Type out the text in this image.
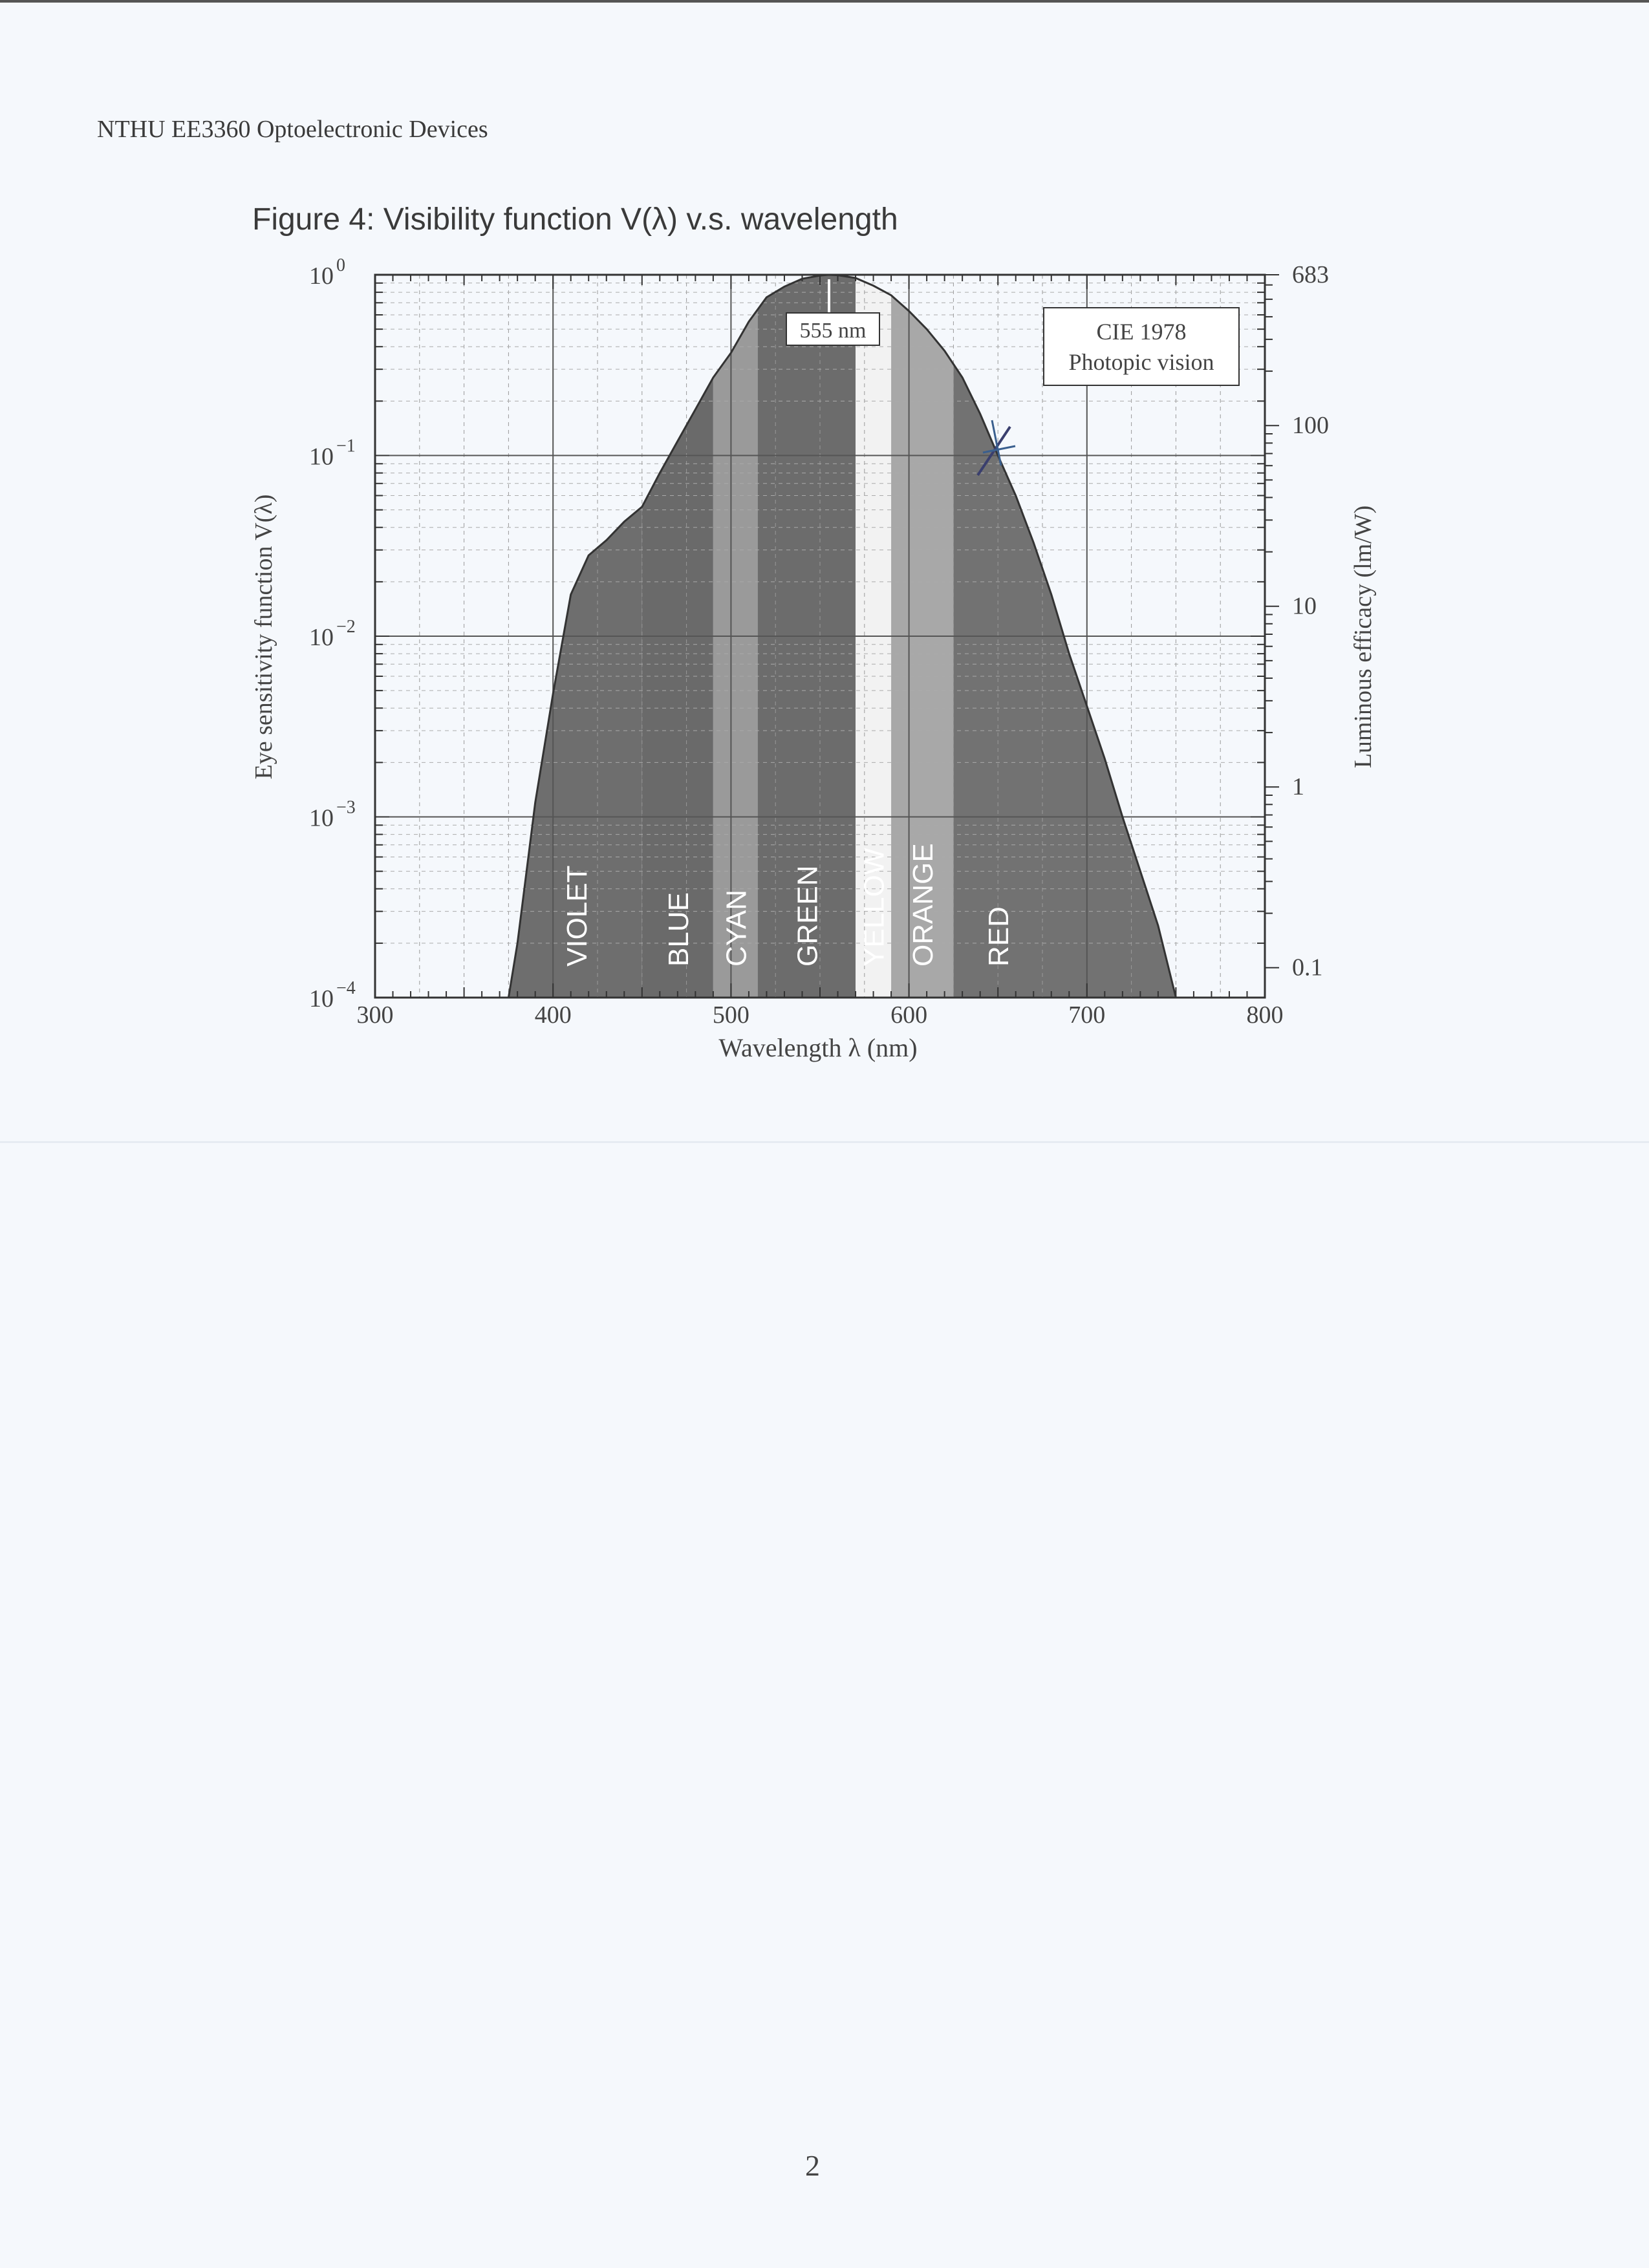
NTHU EE3360 Optoelectronic Devices
Figure 4: Visibility function V(λ) v.s. wavelength
2
VIOLET BLUE CYAN GREEN YELLOW ORANGE RED
300	400	500	600	700	800
10 0
10 −1
10 −2
10 −3
10 −4
683
100
10
1
0.1
Wavelength λ (nm)
Eye sensitivity function V(λ)	Luminous efficacy (lm/W)
555 nm	CIE 1978
Photopic vision
